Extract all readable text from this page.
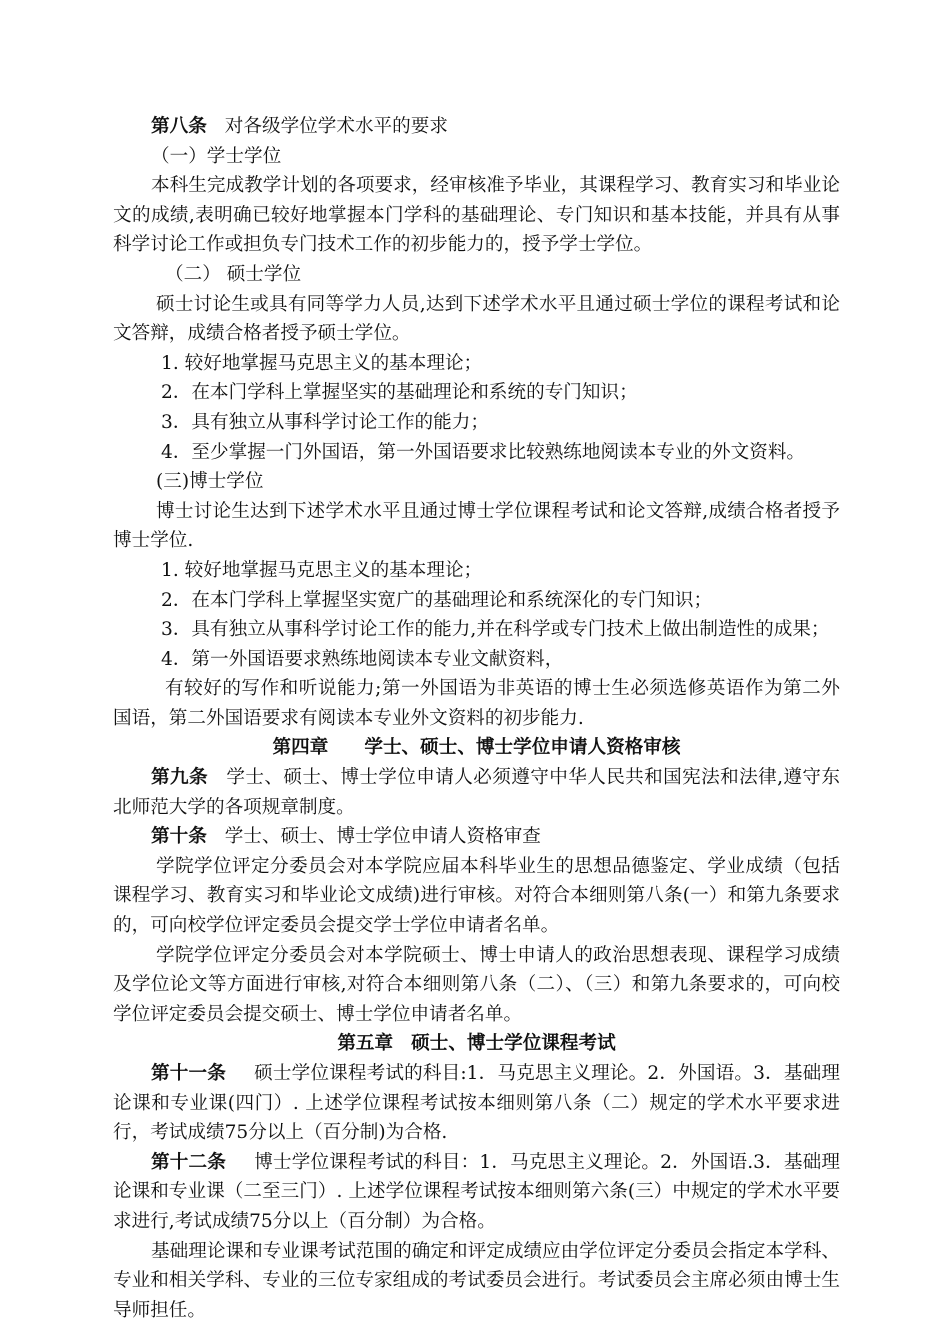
第八条 对各级学位学术水平的要求

（一）学士学位

本科生完成教学计划的各项要求，经审核准予毕业，其课程学习、教育实习和毕业论文的成绩,表明确已较好地掌握本门学科的基础理论、专门知识和基本技能，并具有从事科学讨论工作或担负专门技术工作的初步能力的，授予学士学位。

（二） 硕士学位

硕士讨论生或具有同等学力人员,达到下述学术水平且通过硕士学位的课程考试和论文答辩，成绩合格者授予硕士学位。

1. 较好地掌握马克思主义的基本理论；

2．在本门学科上掌握坚实的基础理论和系统的专门知识；

3．具有独立从事科学讨论工作的能力；

4．至少掌握一门外国语，第一外国语要求比较熟练地阅读本专业的外文资料。

(三)博士学位

博士讨论生达到下述学术水平且通过博士学位课程考试和论文答辩,成绩合格者授予博士学位.

1. 较好地掌握马克思主义的基本理论；

2．在本门学科上掌握坚实宽广的基础理论和系统深化的专门知识；

3．具有独立从事科学讨论工作的能力,并在科学或专门技术上做出制造性的成果；

4．第一外国语要求熟练地阅读本专业文献资料，

有较好的写作和听说能力;第一外国语为非英语的博士生必须选修英语作为第二外国语，第二外国语要求有阅读本专业外文资料的初步能力.

第四章 学士、硕士、博士学位申请人资格审核

第九条 学士、硕士、博士学位申请人必须遵守中华人民共和国宪法和法律,遵守东北师范大学的各项规章制度。

第十条 学士、硕士、博士学位申请人资格审查

学院学位评定分委员会对本学院应届本科毕业生的思想品德鉴定、学业成绩（包括课程学习、教育实习和毕业论文成绩)进行审核。对符合本细则第八条(一）和第九条要求的，可向校学位评定委员会提交学士学位申请者名单。

学院学位评定分委员会对本学院硕士、博士申请人的政治思想表现、课程学习成绩及学位论文等方面进行审核,对符合本细则第八条（二）、（三）和第九条要求的，可向校学位评定委员会提交硕士、博士学位申请者名单。

第五章 硕士、博士学位课程考试

第十一条 硕士学位课程考试的科目:1．马克思主义理论。2．外国语。3．基础理论课和专业课(四门）. 上述学位课程考试按本细则第八条（二）规定的学术水平要求进行，考试成绩75分以上（百分制)为合格.

第十二条 博士学位课程考试的科目：1．马克思主义理论。2．外国语.3．基础理论课和专业课（二至三门）. 上述学位课程考试按本细则第六条(三）中规定的学术水平要求进行,考试成绩75分以上（百分制）为合格。

基础理论课和专业课考试范围的确定和评定成绩应由学位评定分委员会指定本学科、专业和相关学科、专业的三位专家组成的考试委员会进行。考试委员会主席必须由博士生导师担任。
